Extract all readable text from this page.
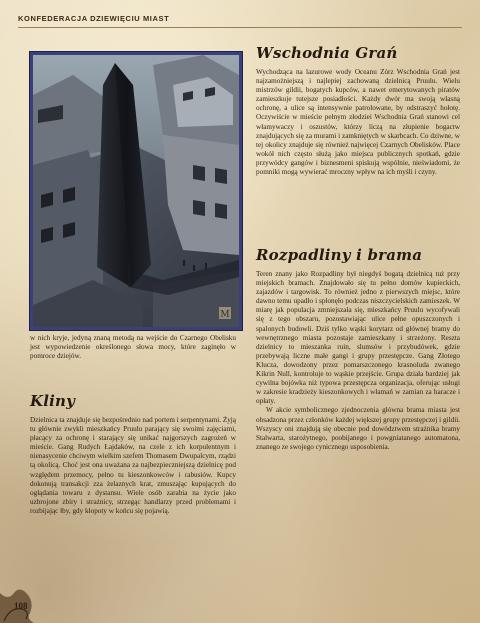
KONFEDERACJA DZIEWIĘCIU MIAST
M

w nich kryje, jedyną znaną metodą na wejście do Czarnego Obelisku jest wypowiedzenie określonego słowa mocy, które zaginęło w pomroce dziejów.

Kliny

Dzielnica ta znajduje się bezpośrednio nad portem i serpentynami. Żyją tu głównie zwykli mieszkańcy Pruulu parający się swoimi zajęciami, płacący za ochronę i starający się unikać najgorszych zagrożeń w mieście. Gang Rudych Łajdaków, na czele z ich korpulentnym i nienasycenie chciwym wielkim szefem Thomasem Dwupalcym, rządzi tą okolicą. Choć jest ona uważana za najbezpieczniejszą dzielnicę pod względem przemocy, pełno tu kieszonkowców i rabusiów. Kupcy dokonują transakcji zza żelaznych krat, zmuszając kupujących do oglądania towaru z dystansu. Wiele osób zarabia na życie jako uzbrojone zbiry i strażnicy, strzegąc handlarzy przed problemami i rozbijając łby, gdy kłopoty w końcu się pojawią.

Wschodnia Grań

Wychodząca na lazurowe wody Oceanu Zórz Wschodnia Grań jest najzamożniejszą i najlepiej zachowaną dzielnicą Pruulu. Wielu mistrzów gildii, bogatych kupców, a nawet emerytowanych piratów zamieszkuje tutejsze posiadłości. Każdy dwór ma swoją własną ochronę, a ulice są intensywnie patrolowane, by odstraszyć hołotę. Oczywiście w mieście pełnym złodziei Wschodnia Grań stanowi cel włamywaczy i oszustów, którzy liczą na złupienie bogactw znajdujących się za murami i zamkniętych w skarbcach. Co dziwne, w tej okolicy znajduje się również najwięcej Czarnych Obelisków. Place wokół nich często służą jako miejsca publicznych spotkań, gdzie przywódcy gangów i biznesmeni spiskują wspólnie, nieświadomi, że pomniki mogą wywierać mroczny wpływ na ich myśli i czyny.

Rozpadliny i brama

Teren znany jako Rozpadliny był niegdyś bogatą dzielnicą tuż przy miejskich bramach. Znajdowało się tu pełno domów kupieckich, zajazdów i targowisk. To również jedno z pierwszych miejsc, które dawno temu upadło i spłonęło podczas niszczycielskich zamieszek. W miarę jak populacja zmniejszała się, mieszkańcy Pruulu wycofywali się z tego obszaru, pozostawiając ulice pełne opuszczonych i spalonych budowli. Dziś tylko wąski korytarz od głównej bramy do wewnętrznego miasta pozostaje zamieszkany i strzeżony. Reszta dzielnicy to mieszanka ruin, slumsów i przybudówek, gdzie przebywają liczne małe gangi i grupy przestępcze. Gang Złotego Klucza, dowodzony przez pomarszczonego krasnoluda zwanego Kikrin Null, kontroluje to wąskie przejście. Grupa działa bardziej jak cywilna bojówka niż typowa przestępcza organizacja, oferując usługi w zakresie kradzieży kieszonkowych i włamań w zamian za haracze i opłaty.

W akcie symbolicznego zjednoczenia główna brama miasta jest obsadzona przez członków każdej większej grupy przestępczej i gildii. Wszyscy oni znajdują się obecnie pod dowództwem strażnika bramy Stalwarta, starożytnego, poobijanego i powgniatanego automatona, znanego ze swojego cynicznego usposobienia.

108
